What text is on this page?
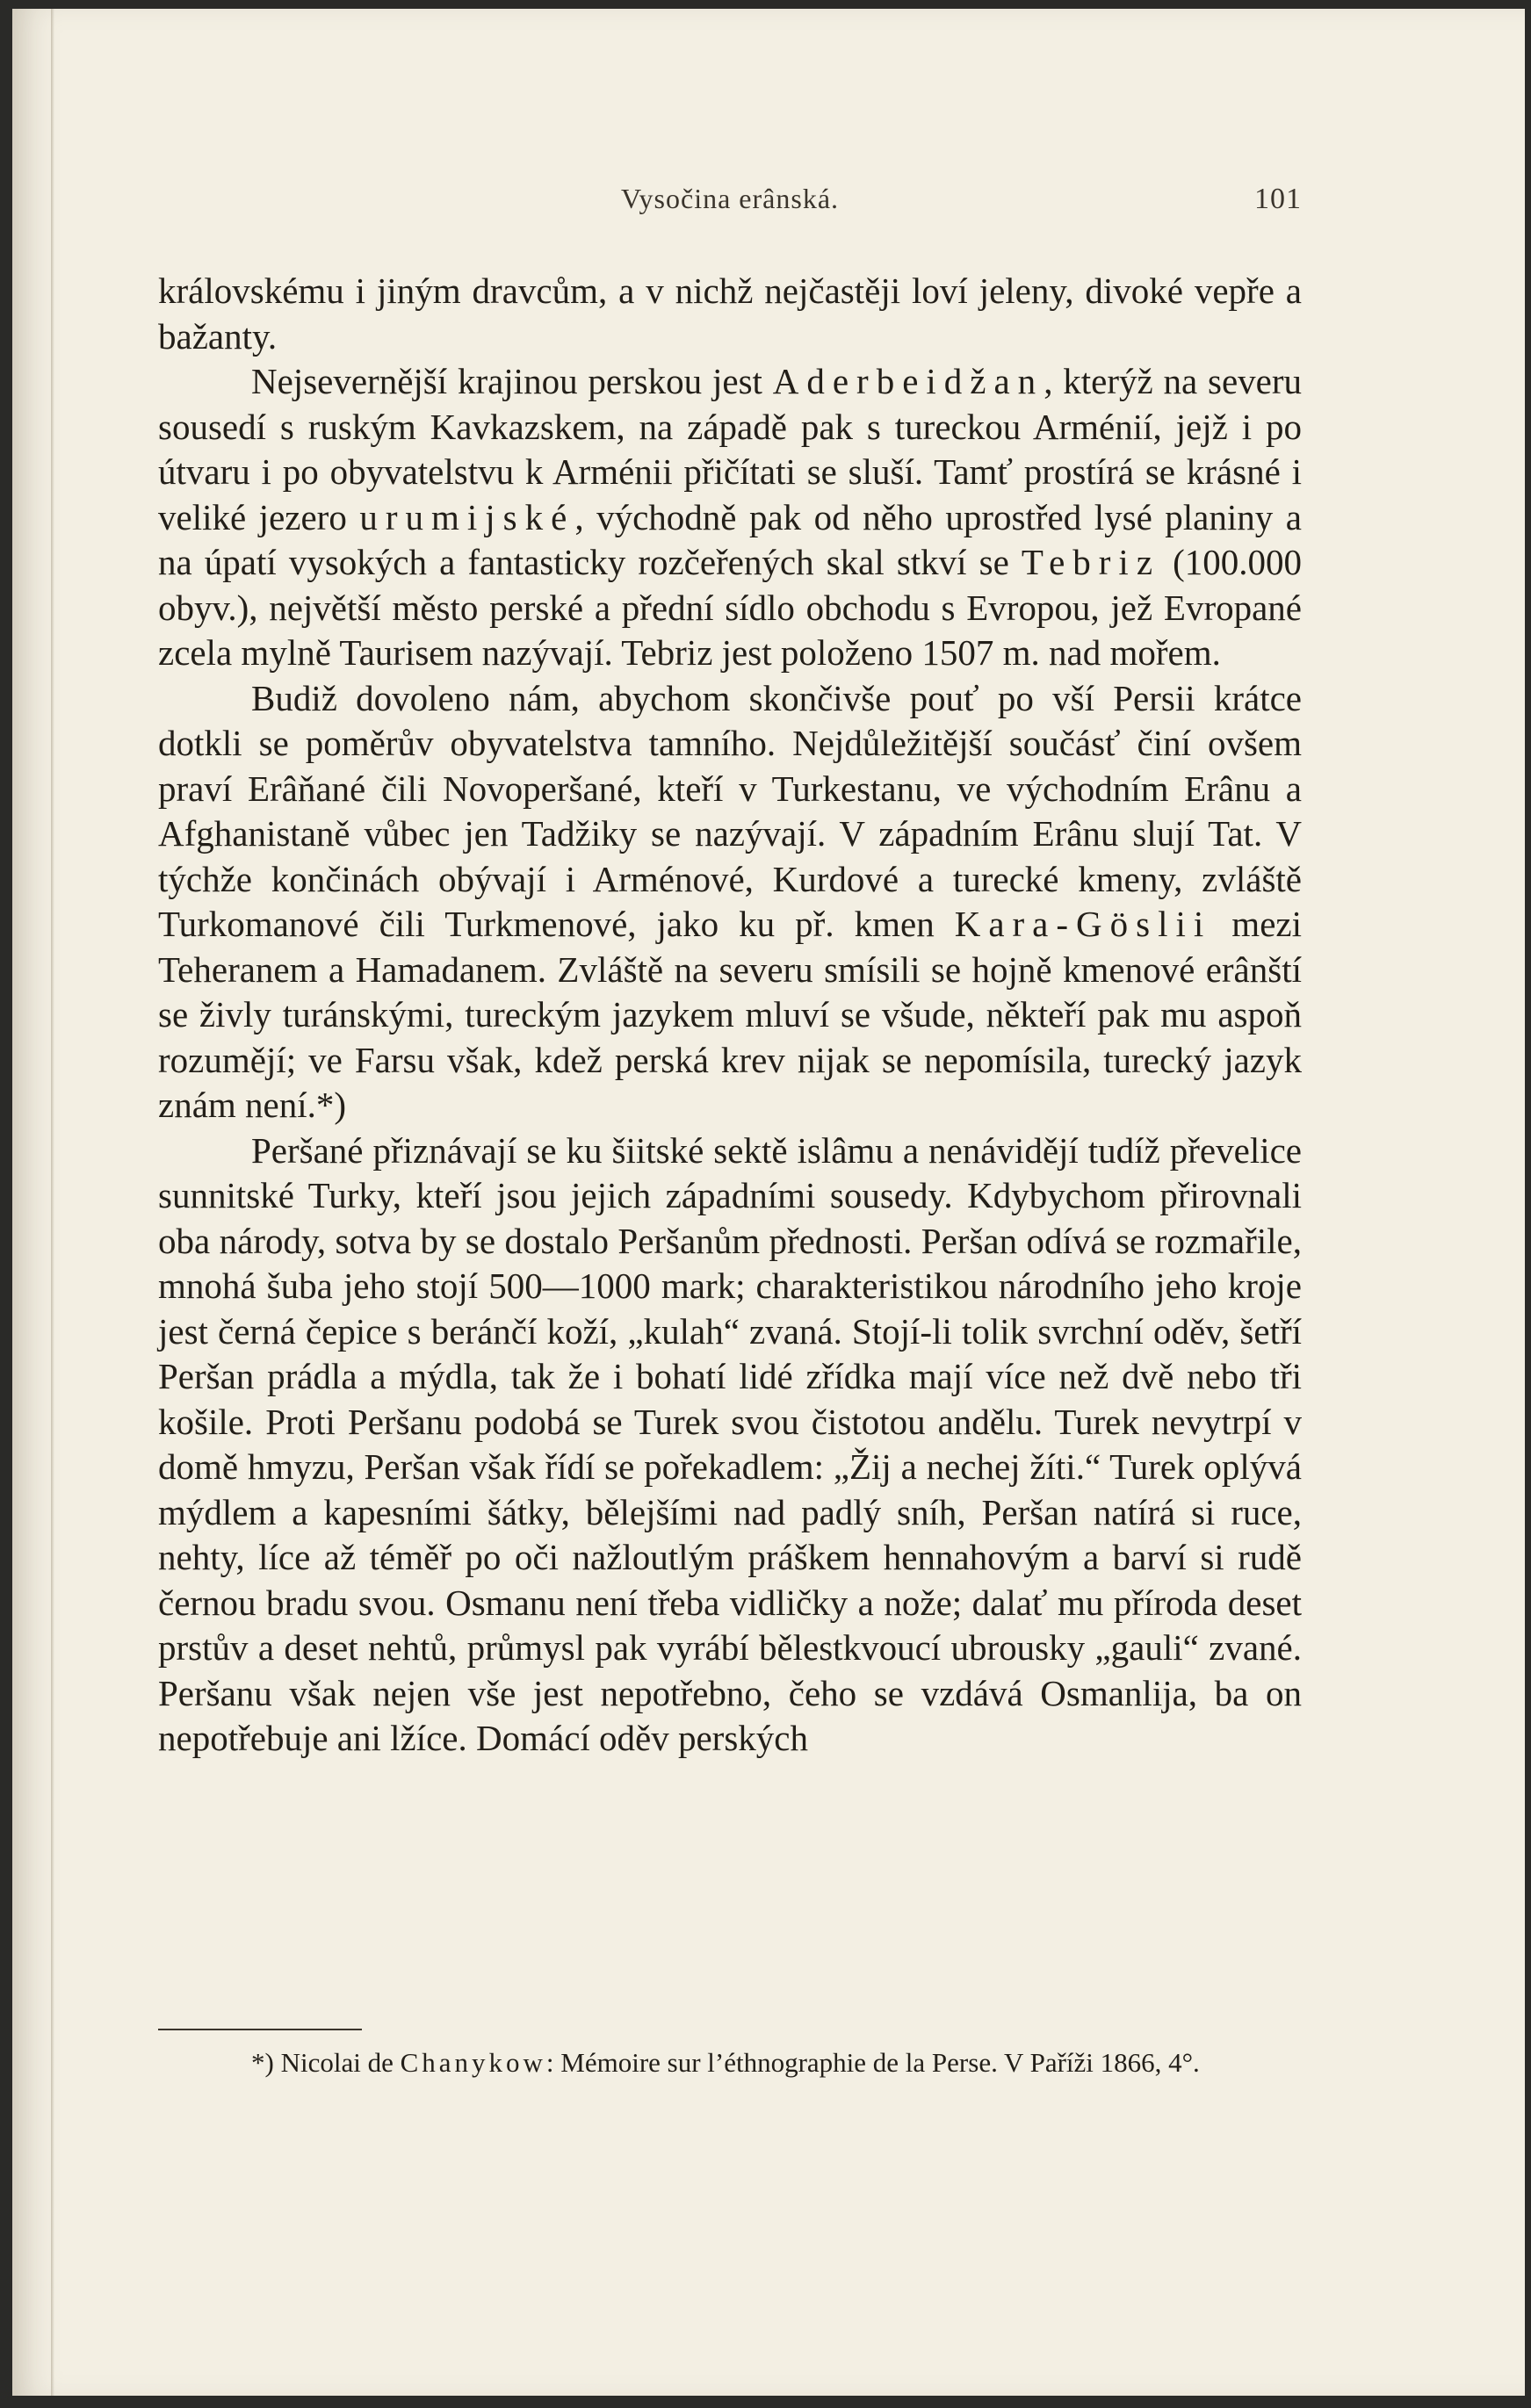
Vysočina erânská.	101

královskému i jiným dravcům, a v nichž nejčastěji loví jeleny, divoké vepře a bažanty.

Nejsevernější krajinou perskou jest Aderbeidžan, kterýž na severu sousedí s ruským Kavkazskem, na západě pak s tureckou Arménií, jejž i po útvaru i po obyvatelstvu k Arménii přičítati se sluší. Tamť prostírá se krásné i veliké jezero urumijské, východně pak od něho uprostřed lysé planiny a na úpatí vysokých a fantasticky rozčeřených skal stkví se Tebriz (100.000 obyv.), největší město perské a přední sídlo obchodu s Evropou, jež Evropané zcela mylně Taurisem nazývají. Tebriz jest položeno 1507 m. nad mořem.

Budiž dovoleno nám, abychom skončivše pouť po vší Persii krátce dotkli se poměrův obyvatelstva tamního. Nejdůležitější součásť činí ovšem praví Erâňané čili Novoperšané, kteří v Turkestanu, ve východním Erânu a Afghanistaně vůbec jen Tadžiky se nazývají. V západním Erânu slují Tat. V týchže končinách obývají i Arménové, Kurdové a turecké kmeny, zvláště Turkomanové čili Turkmenové, jako ku př. kmen Kara-Göslii mezi Teheranem a Hamadanem. Zvláště na severu smísili se hojně kmenové erânští se živly turánskými, tureckým jazykem mluví se všude, někteří pak mu aspoň rozumějí; ve Farsu však, kdež perská krev nijak se nepomísila, turecký jazyk znám není.*)

Peršané přiznávají se ku šiitské sektě islâmu a nenávidějí tudíž převelice sunnitské Turky, kteří jsou jejich západními sousedy. Kdybychom přirovnali oba národy, sotva by se dostalo Peršanům přednosti. Peršan odívá se rozmařile, mnohá šuba jeho stojí 500—1000 mark; charakteristikou národního jeho kroje jest černá čepice s beránčí koží, „kulah“ zvaná. Stojí-li tolik svrchní oděv, šetří Peršan prádla a mýdla, tak že i bohatí lidé zřídka mají více než dvě nebo tři košile. Proti Peršanu podobá se Turek svou čistotou andělu. Turek nevytrpí v domě hmyzu, Peršan však řídí se pořekadlem: „Žij a nechej žíti.“ Turek oplývá mýdlem a kapesními šátky, bělejšími nad padlý sníh, Peršan natírá si ruce, nehty, líce až téměř po oči nažloutlým práškem hennahovým a barví si rudě černou bradu svou. Osmanu není třeba vidličky a nože; dalať mu příroda deset prstův a deset nehtů, průmysl pak vyrábí bělestkvoucí ubrousky „gauli“ zvané. Peršanu však nejen vše jest nepotřebno, čeho se vzdává Osmanlija, ba on nepotřebuje ani lžíce. Domácí oděv perských

*) Nicolai de Chanykow: Mémoire sur l’éthnographie de la Perse. V Paříži 1866, 4°.
